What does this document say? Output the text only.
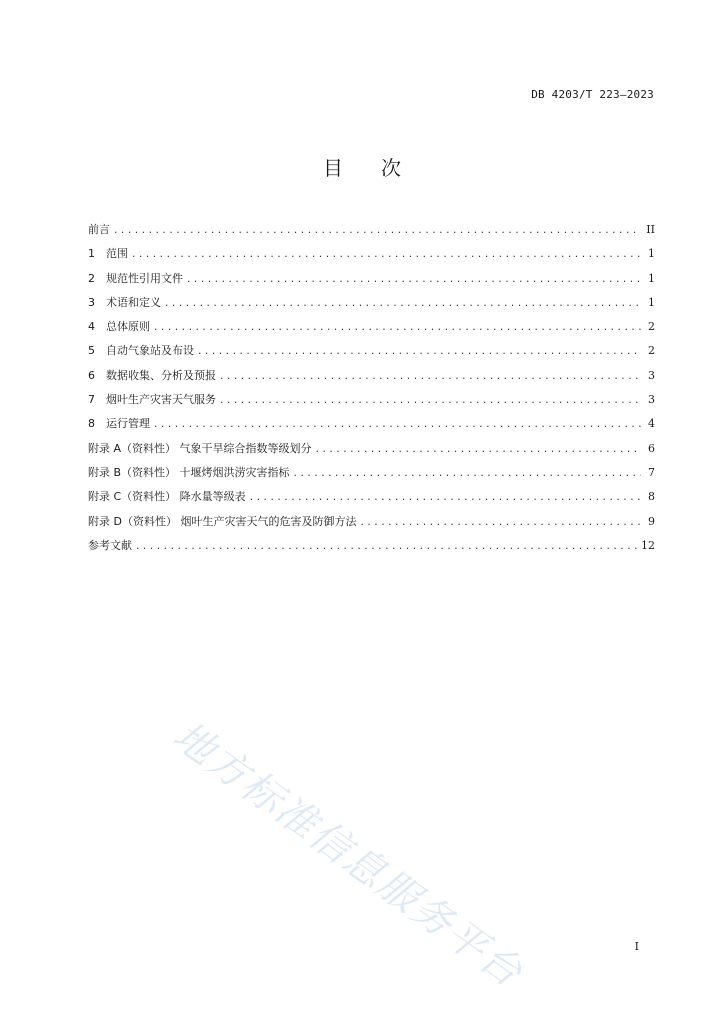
DB 4203/T 223—2023
目 次
前言 .....	II
1	范围 .....	1
2	规范性引用文件 .....	1
3	术语和定义 .....	1
4	总体原则 .....	2
5	自动气象站及布设 .....	2
6	数据收集、分析及预报 .....	3
7	烟叶生产灾害天气服务 .....	3
8	运行管理 .....	4
附录 A（资料性） 气象干旱综合指数等级划分 .....	6
附录 B（资料性） 十堰烤烟洪涝灾害指标 .....	7
附录 C（资料性） 降水量等级表 .....	8
附录 D（资料性） 烟叶生产灾害天气的危害及防御方法 .....	9
参考文献 .....	12
地方标准信息服务平台	I
